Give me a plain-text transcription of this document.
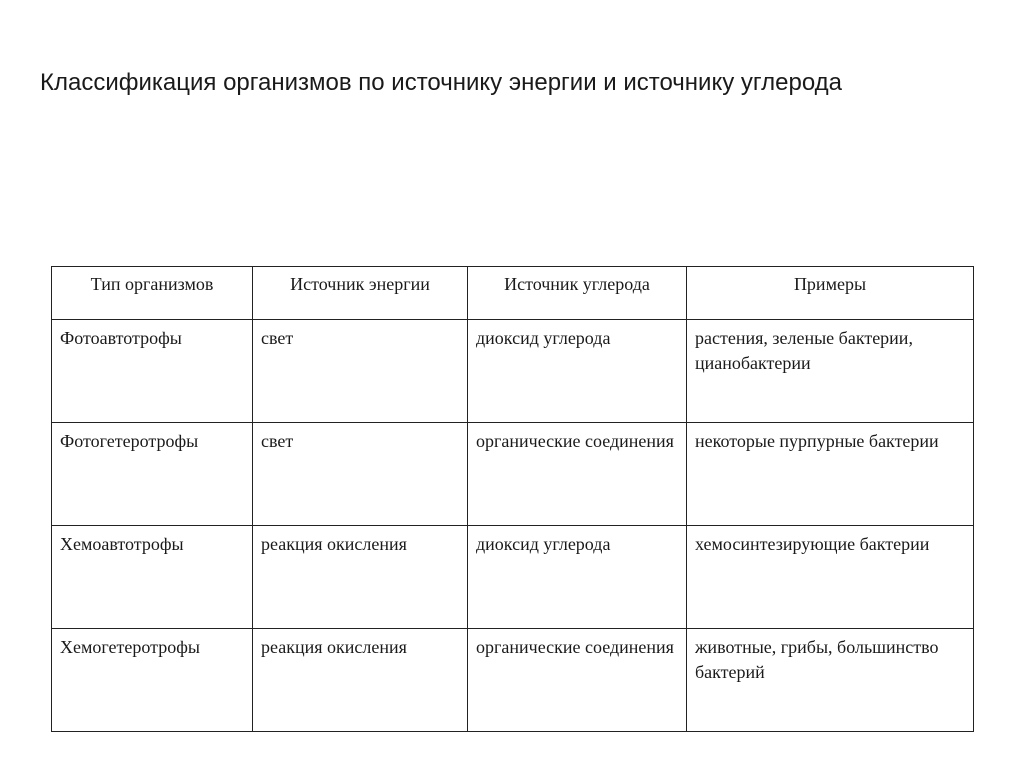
Классификация организмов по источнику энергии и источнику углерода
Тип организмов	Источник энергии	Источник углерода	Примеры
Фотоавтотрофы	свет	диоксид углерода	растения, зеленые бактерии, цианобактерии
Фотогетеротрофы	свет	органические соединения	некоторые пурпурные бактерии
Хемоавтотрофы	реакция окисления	диоксид углерода	хемосинтезирующие бактерии
Хемогетеротрофы	реакция окисления	органические соединения	животные, грибы, большинство бактерий
